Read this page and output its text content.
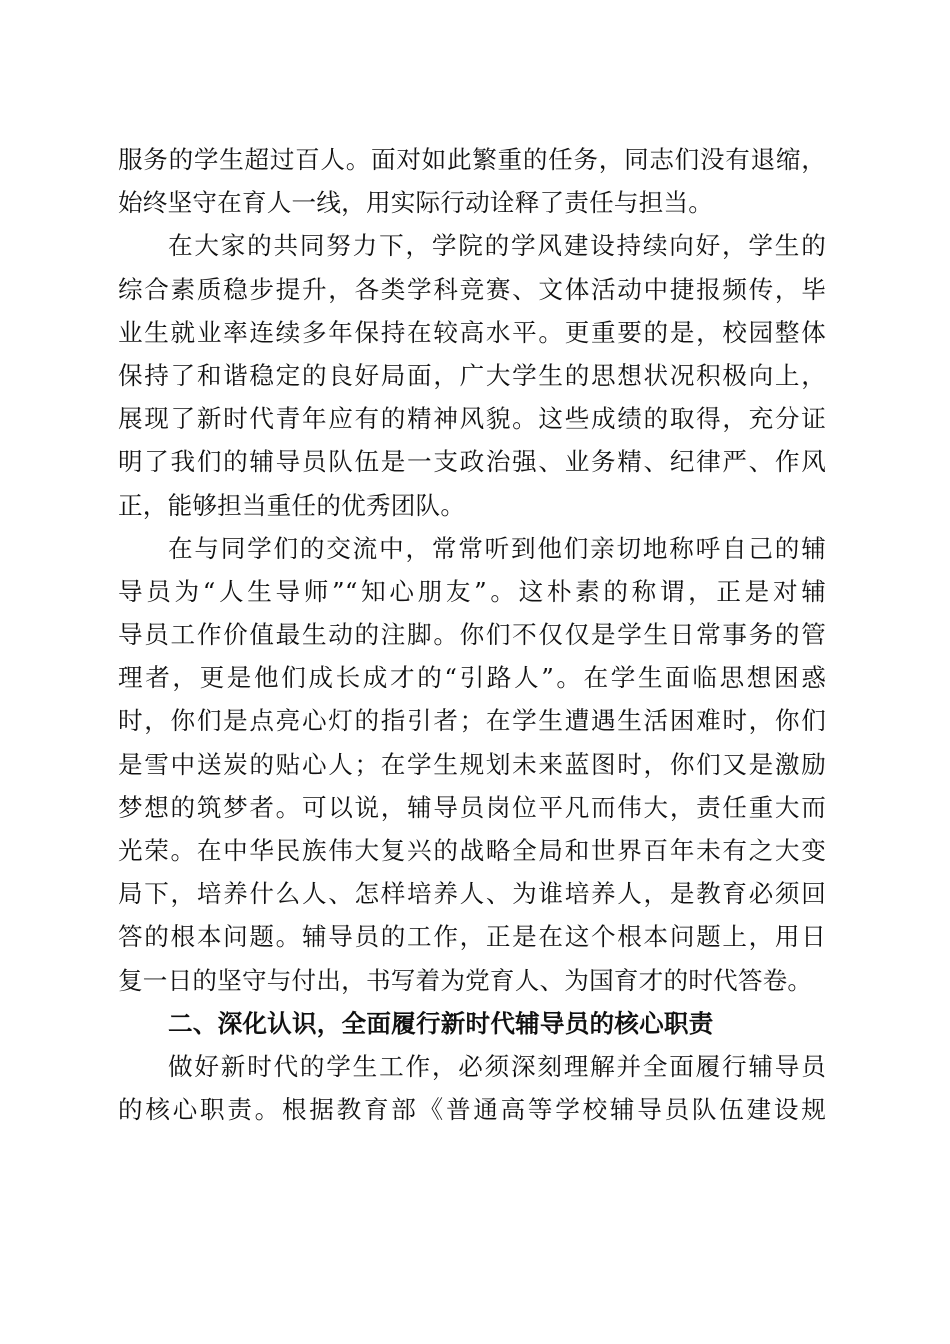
服务的学生超过百人。面对如此繁重的任务，同志们没有退缩，
始终坚守在育人一线，用实际行动诠释了责任与担当。
在大家的共同努力下，学院的学风建设持续向好，学生的
综合素质稳步提升，各类学科竞赛、文体活动中捷报频传，毕
业生就业率连续多年保持在较高水平。更重要的是，校园整体
保持了和谐稳定的良好局面，广大学生的思想状况积极向上，
展现了新时代青年应有的精神风貌。这些成绩的取得，充分证
明了我们的辅导员队伍是一支政治强、业务精、纪律严、作风
正，能够担当重任的优秀团队。
在与同学们的交流中，常常听到他们亲切地称呼自己的辅
导员为“人生导师”“知心朋友”。这朴素的称谓，正是对辅
导员工作价值最生动的注脚。你们不仅仅是学生日常事务的管
理者，更是他们成长成才的“引路人”。在学生面临思想困惑
时，你们是点亮心灯的指引者；在学生遭遇生活困难时，你们
是雪中送炭的贴心人；在学生规划未来蓝图时，你们又是激励
梦想的筑梦者。可以说，辅导员岗位平凡而伟大，责任重大而
光荣。在中华民族伟大复兴的战略全局和世界百年未有之大变
局下，培养什么人、怎样培养人、为谁培养人，是教育必须回
答的根本问题。辅导员的工作，正是在这个根本问题上，用日
复一日的坚守与付出，书写着为党育人、为国育才的时代答卷。
二、深化认识，全面履行新时代辅导员的核心职责
做好新时代的学生工作，必须深刻理解并全面履行辅导员
的核心职责。根据教育部《普通高等学校辅导员队伍建设规
